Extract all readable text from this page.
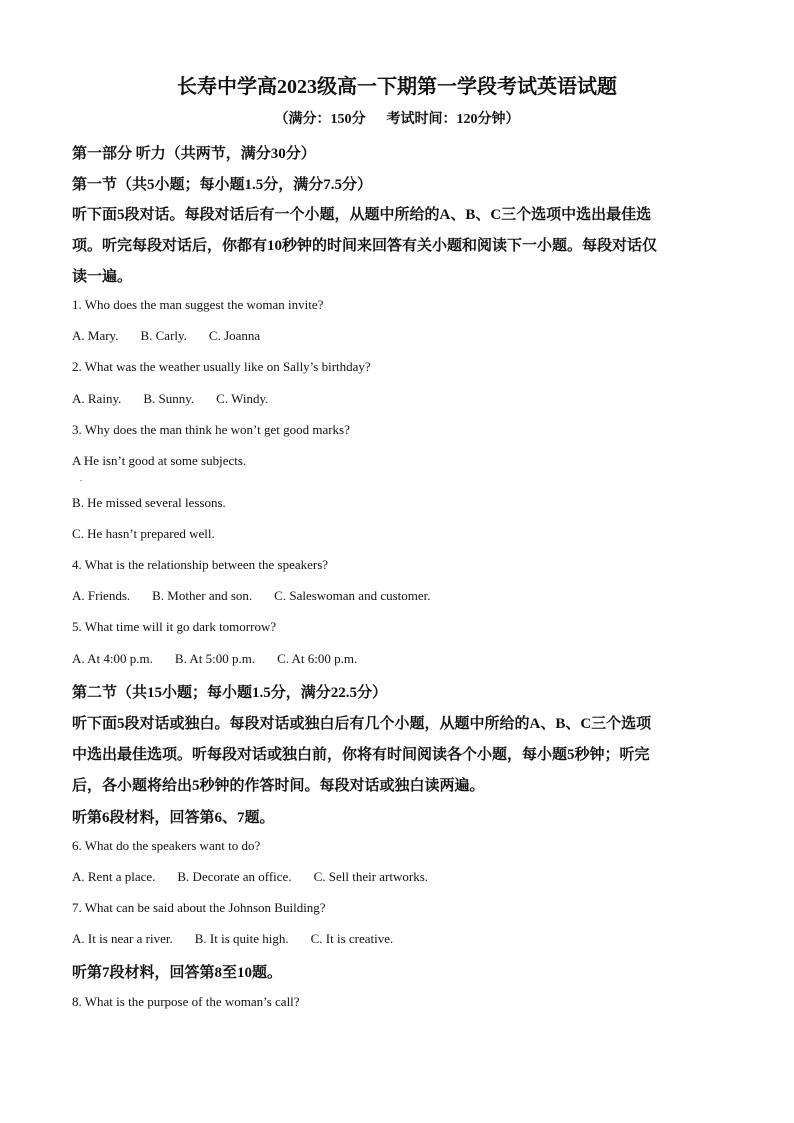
长寿中学高2023级高一下期第一学段考试英语试题
（满分：150分      考试时间：120分钟）
第一部分 听力（共两节，满分30分）
第一节（共5小题；每小题1.5分，满分7.5分）
听下面5段对话。每段对话后有一个小题，从题中所给的A、B、C三个选项中选出最佳选
项。听完每段对话后，你都有10秒钟的时间来回答有关小题和阅读下一小题。每段对话仅
读一遍。
1. Who does the man suggest the woman invite?
A. Mary. B. Carly. C. Joanna
2. What was the weather usually like on Sally’s birthday?
A. Rainy. B. Sunny. C. Windy.
3. Why does the man think he won’t get good marks?
A He isn’t good at some subjects.
.
B. He missed several lessons.
C. He hasn’t prepared well.
4. What is the relationship between the speakers?
A. Friends. B. Mother and son. C. Saleswoman and customer.
5. What time will it go dark tomorrow?
A. At 4:00 p.m. B. At 5:00 p.m. C. At 6:00 p.m.
第二节（共15小题；每小题1.5分，满分22.5分）
听下面5段对话或独白。每段对话或独白后有几个小题，从题中所给的A、B、C三个选项
中选出最佳选项。听每段对话或独白前，你将有时间阅读各个小题，每小题5秒钟；听完
后，各小题将给出5秒钟的作答时间。每段对话或独白读两遍。
听第6段材料，回答第6、7题。
6. What do the speakers want to do?
A. Rent a place. B. Decorate an office. C. Sell their artworks.
7. What can be said about the Johnson Building?
A. It is near a river. B. It is quite high. C. It is creative.
听第7段材料，回答第8至10题。
8. What is the purpose of the woman’s call?
